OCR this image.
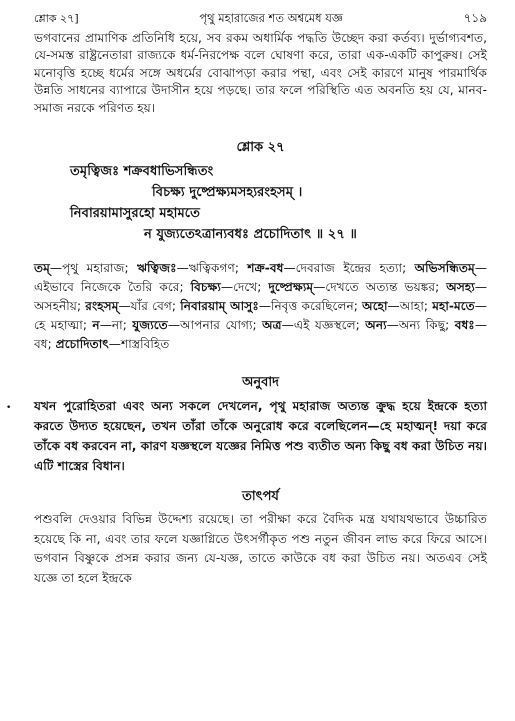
শ্লোক ২৭]	পৃথু মহারাজের শত অশ্বমেধ যজ্ঞ	৭১৯

ভগবানের প্রামাণিক প্রতিনিধি হয়ে, সব রকম অধার্মিক পদ্ধতি উচ্ছেদ করা কর্তব্য। দুর্ভাগ্যবশত, যে-সমস্ত রাষ্ট্রনেতারা রাজ্যকে ধর্ম-নিরপেক্ষ বলে ঘোষণা করে, তারা এক-একটি কাপুরুষ। সেই মনোবৃত্তি হচ্ছে ধর্মের সঙ্গে অধর্মের বোঝাপড়া করার পন্থা, এবং সেই কারণে মানুষ পারমার্থিক উন্নতি সাধনের ব্যাপারে উদাসীন হয়ে পড়ছে। তার ফলে পরিস্থিতি এত অবনতি হয় যে, মানব-সমাজ নরকে পরিণত হয়।

শ্লোক ২৭
তমৃত্বিজঃ শক্রবধাভিসন্ধিতং
বিচক্ষ্য দুষ্প্রেক্ষ্যমসহ্যরংহসম্ ।
নিবারয়ামাসুরহো মহামতে
ন যুজ্যতেঽত্রান্যবধঃ প্রচোদিতাৎ ॥ ২৭ ॥

তম্—পৃথু মহারাজ; ঋত্বিজঃ—ঋত্বিকগণ; শক্র-বধ—দেবরাজ ইন্দ্রের হত্যা; অভিসন্ধিতম্—এইভাবে নিজেকে তৈরি করে; বিচক্ষ্য—দেখে; দুষ্প্রেক্ষ্যম্—দেখতে অত্যন্ত ভয়ঙ্কর; অসহ্য—অসহনীয়; রংহসম্—যাঁর বেগ; নিবারয়াম্ আসুঃ—নিবৃত্ত করেছিলেন; অহো—আহা; মহা-মতে—হে মহাত্মা; ন—না; যুজ্যতে—আপনার যোগ্য; অত্র—এই যজ্ঞস্থলে; অন্য—অন্য কিছু; বধঃ—বধ; প্রচোদিতাৎ—শাস্ত্রবিহিত

অনুবাদ

যখন পুরোহিতরা এবং অন্য সকলে দেখলেন, পৃথু মহারাজ অত্যন্ত ক্রুদ্ধ হয়ে ইন্দ্রকে হত্যা করতে উদ্যত হয়েছেন, তখন তাঁরা তাঁকে অনুরোধ করে বলেছিলেন—হে মহাত্মন্! দয়া করে তাঁকে বধ করবেন না, কারণ যজ্ঞস্থলে যজ্ঞের নিমিত্ত পশু ব্যতীত অন্য কিছু বধ করা উচিত নয়। এটি শাস্ত্রের বিধান।

তাৎপর্য

পশুবলি দেওয়ার বিভিন্ন উদ্দেশ্য রয়েছে। তা পরীক্ষা করে বৈদিক মন্ত্র যথাযথভাবে উচ্চারিত হয়েছে কি না, এবং তার ফলে যজ্ঞাগ্নিতে উৎসর্গীকৃত পশু নতুন জীবন লাভ করে ফিরে আসে। ভগবান বিষ্ণুকে প্রসন্ন করার জন্য যে-যজ্ঞ, তাতে কাউকে বধ করা উচিত নয়। অতএব সেই যজ্ঞে তা হলে ইন্দ্রকে

•
